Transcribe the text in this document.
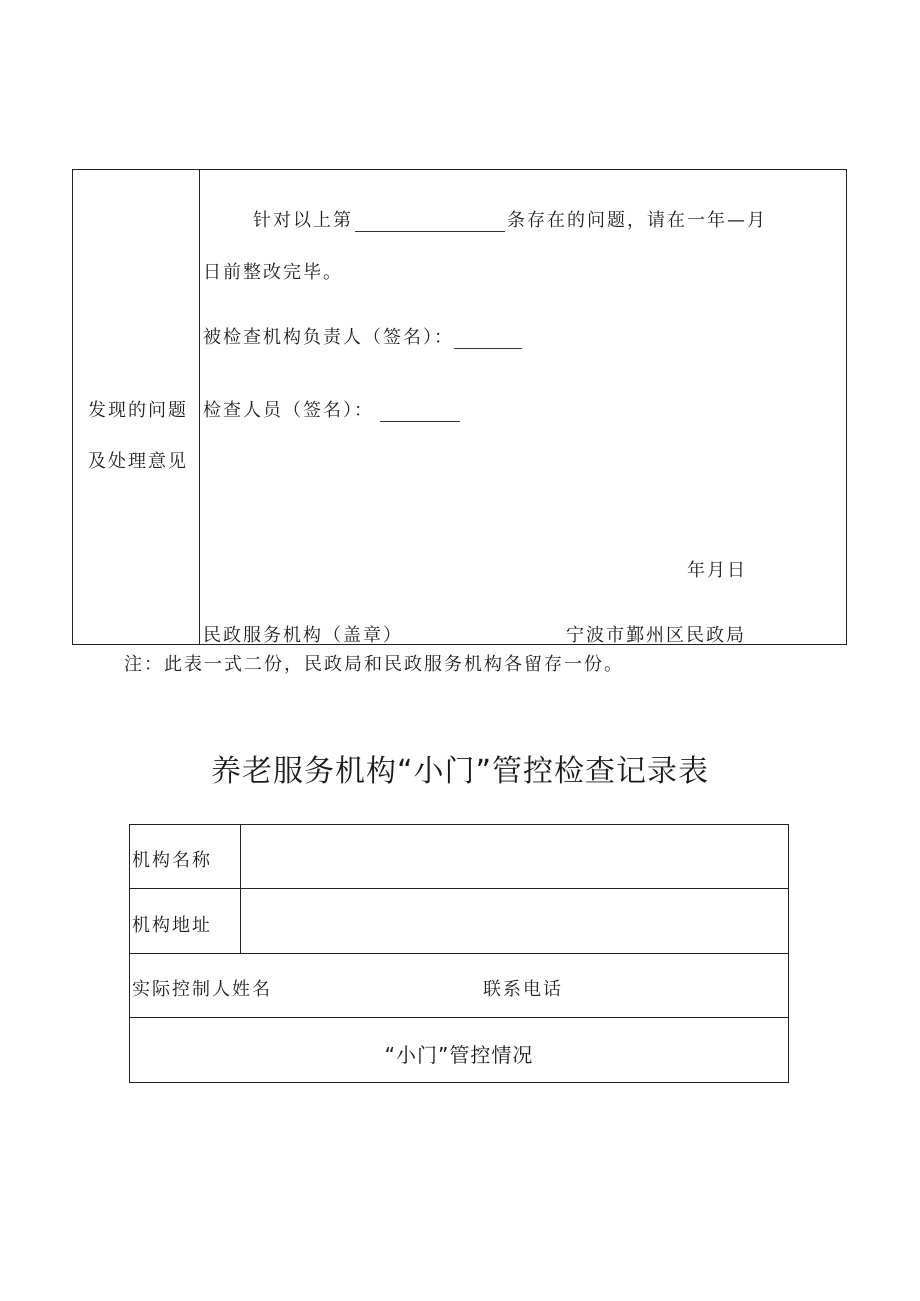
发现的问题
及处理意见
针对以上第	条存在的问题，请在一年—月
日前整改完毕。
被检查机构负责人（签名）：
检查人员（签名）：
年月日
民政服务机构（盖章）	宁波市鄞州区民政局
注：此表一式二份，民政局和民政服务机构各留存一份。
养老服务机构“小门”管控检查记录表
机构名称
机构地址
实际控制人姓名	联系电话
“小门”管控情况
